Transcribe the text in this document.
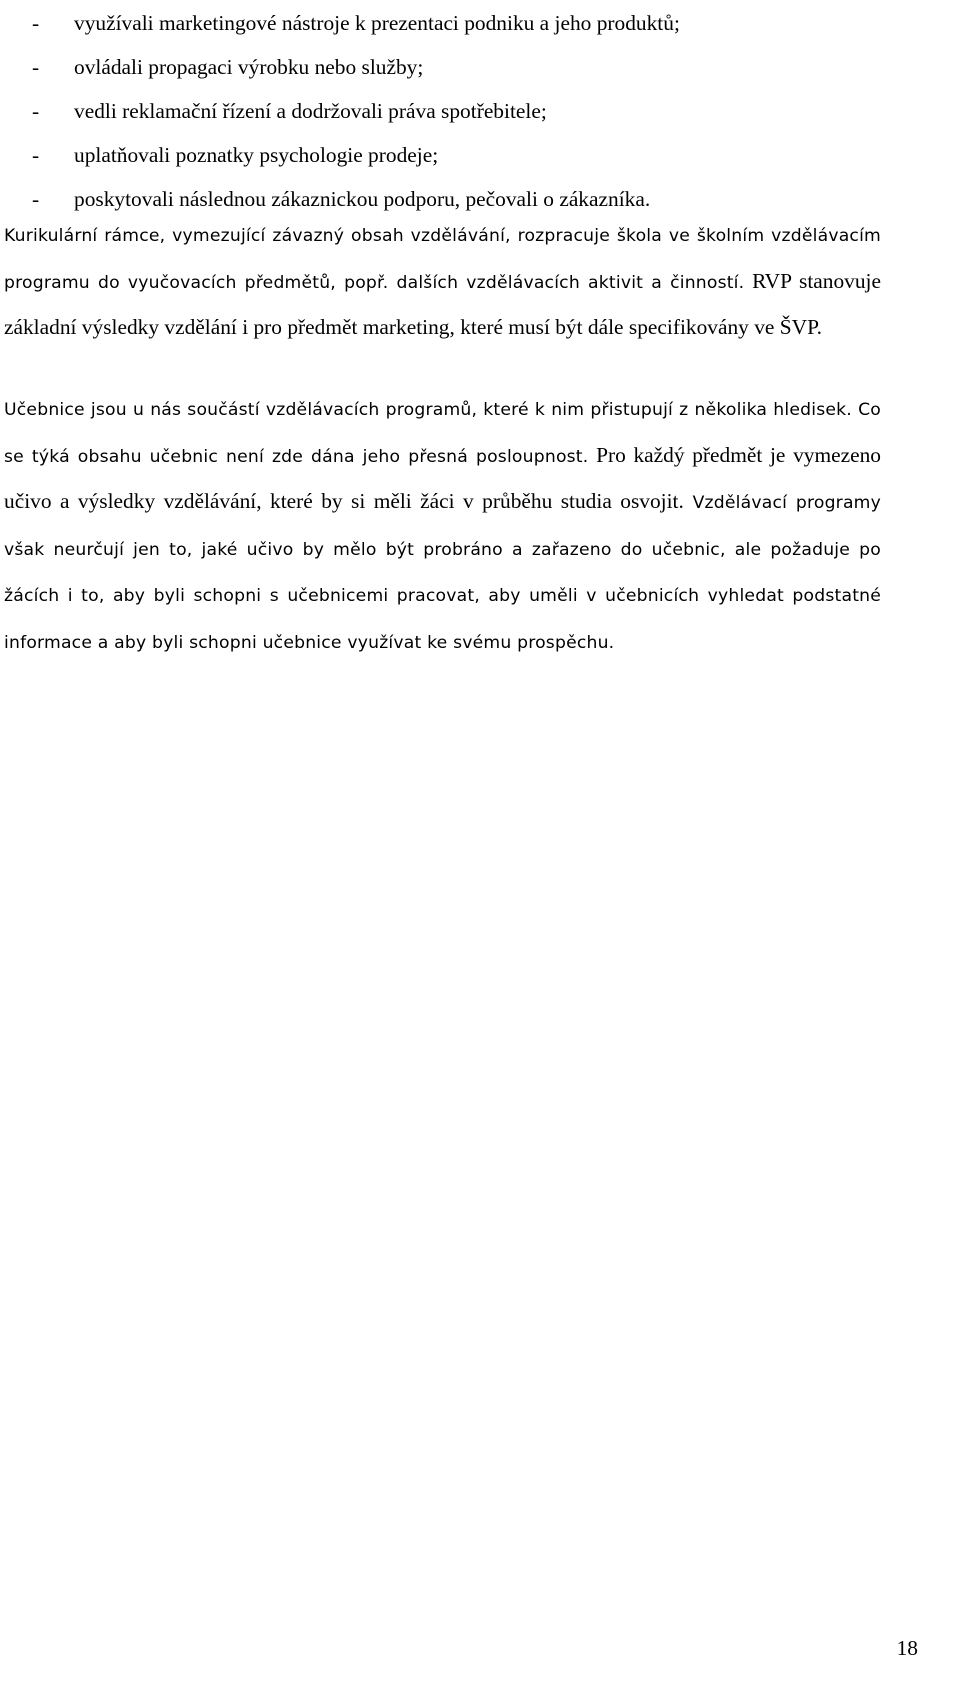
- využívali marketingové nástroje k prezentaci podniku a jeho produktů;
- ovládali propagaci výrobku nebo služby;
- vedli reklamační řízení a dodržovali práva spotřebitele;
- uplatňovali poznatky psychologie prodeje;
- poskytovali následnou zákaznickou podporu, pečovali o zákazníka.

Kurikulární rámce, vymezující závazný obsah vzdělávání, rozpracuje škola ve školním vzdělávacím programu do vyučovacích předmětů, popř. dalších vzdělávacích aktivit a činností. RVP stanovuje základní výsledky vzdělání i pro předmět marketing, které musí být dále specifikovány ve ŠVP.

Učebnice jsou u nás součástí vzdělávacích programů, které k nim přistupují z několika hledisek. Co se týká obsahu učebnic není zde dána jeho přesná posloupnost. Pro každý předmět je vymezeno učivo a výsledky vzdělávání, které by si měli žáci v průběhu studia osvojit. Vzdělávací programy však neurčují jen to, jaké učivo by mělo být probráno a zařazeno do učebnic, ale požaduje po žácích i to, aby byli schopni s učebnicemi pracovat, aby uměli v učebnicích vyhledat podstatné informace a aby byli schopni učebnice využívat ke svému prospěchu.

18
